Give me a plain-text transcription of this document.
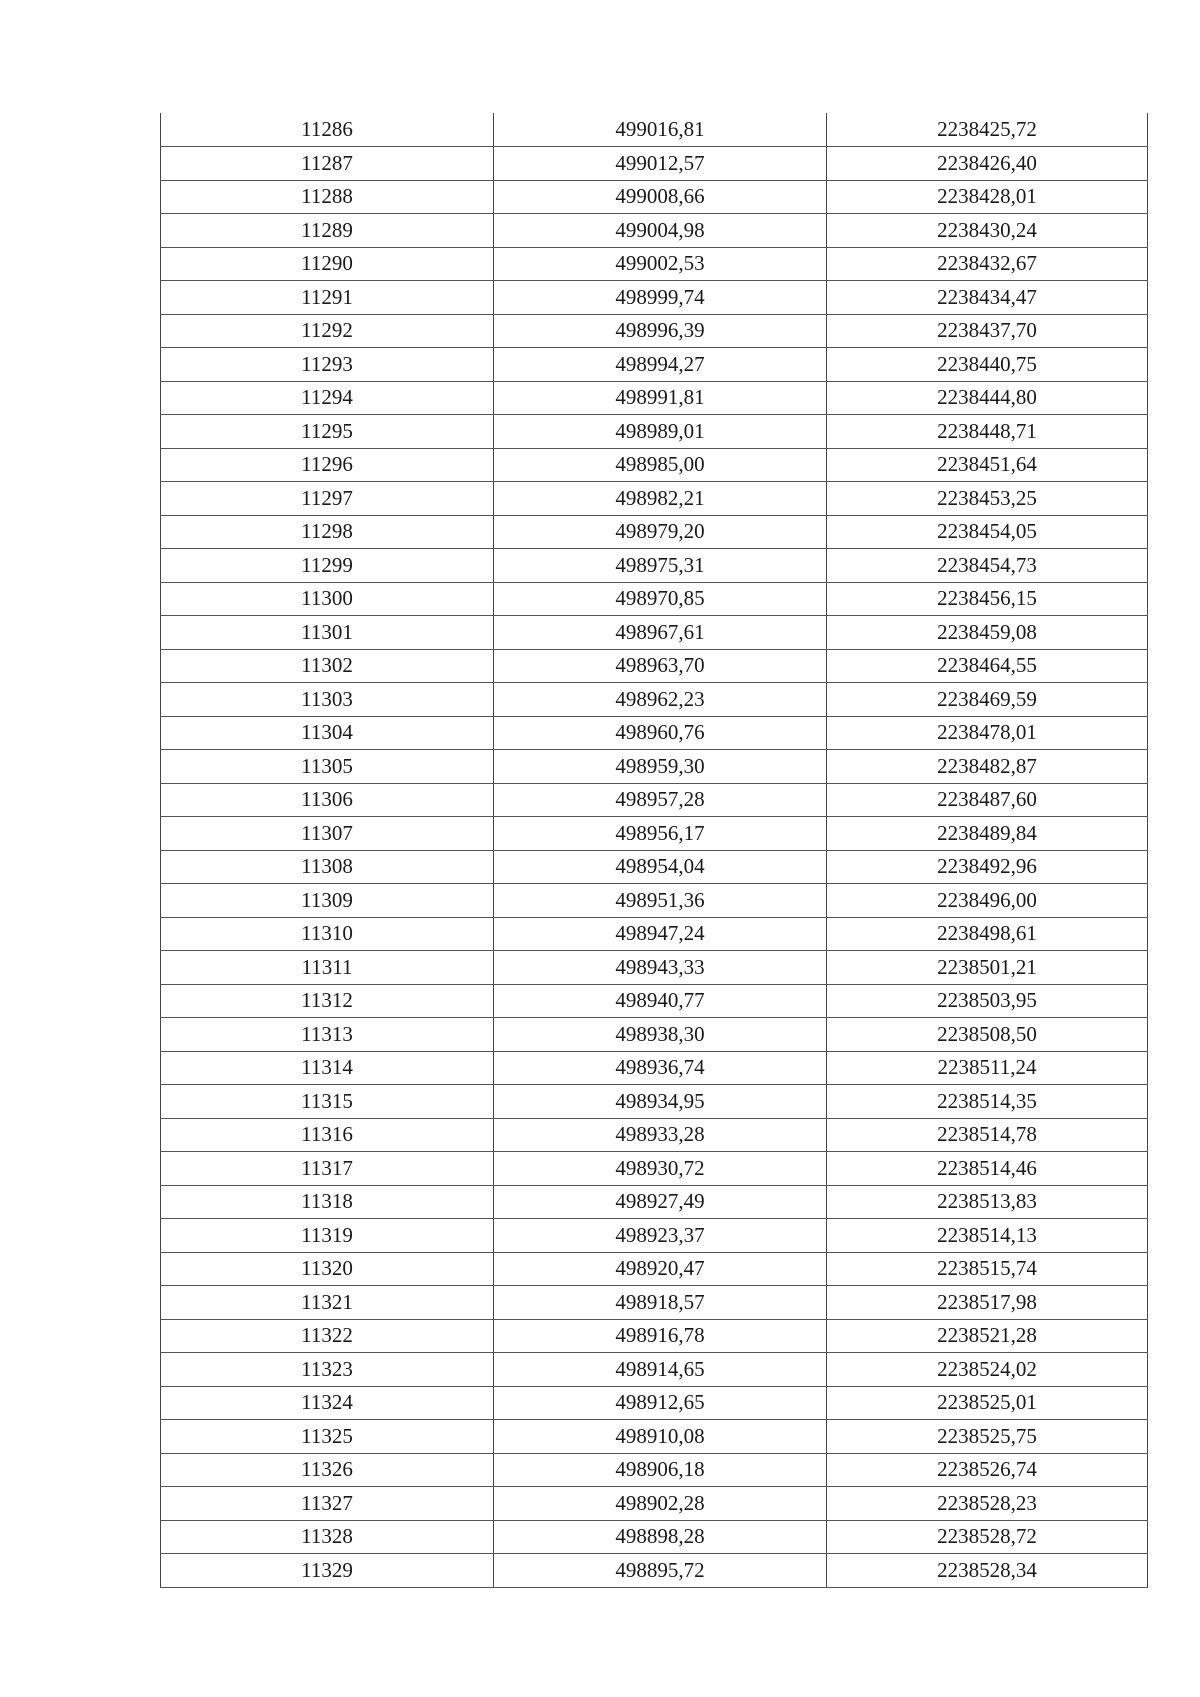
11286	499016,81	2238425,72
11287	499012,57	2238426,40
11288	499008,66	2238428,01
11289	499004,98	2238430,24
11290	499002,53	2238432,67
11291	498999,74	2238434,47
11292	498996,39	2238437,70
11293	498994,27	2238440,75
11294	498991,81	2238444,80
11295	498989,01	2238448,71
11296	498985,00	2238451,64
11297	498982,21	2238453,25
11298	498979,20	2238454,05
11299	498975,31	2238454,73
11300	498970,85	2238456,15
11301	498967,61	2238459,08
11302	498963,70	2238464,55
11303	498962,23	2238469,59
11304	498960,76	2238478,01
11305	498959,30	2238482,87
11306	498957,28	2238487,60
11307	498956,17	2238489,84
11308	498954,04	2238492,96
11309	498951,36	2238496,00
11310	498947,24	2238498,61
11311	498943,33	2238501,21
11312	498940,77	2238503,95
11313	498938,30	2238508,50
11314	498936,74	2238511,24
11315	498934,95	2238514,35
11316	498933,28	2238514,78
11317	498930,72	2238514,46
11318	498927,49	2238513,83
11319	498923,37	2238514,13
11320	498920,47	2238515,74
11321	498918,57	2238517,98
11322	498916,78	2238521,28
11323	498914,65	2238524,02
11324	498912,65	2238525,01
11325	498910,08	2238525,75
11326	498906,18	2238526,74
11327	498902,28	2238528,23
11328	498898,28	2238528,72
11329	498895,72	2238528,34
